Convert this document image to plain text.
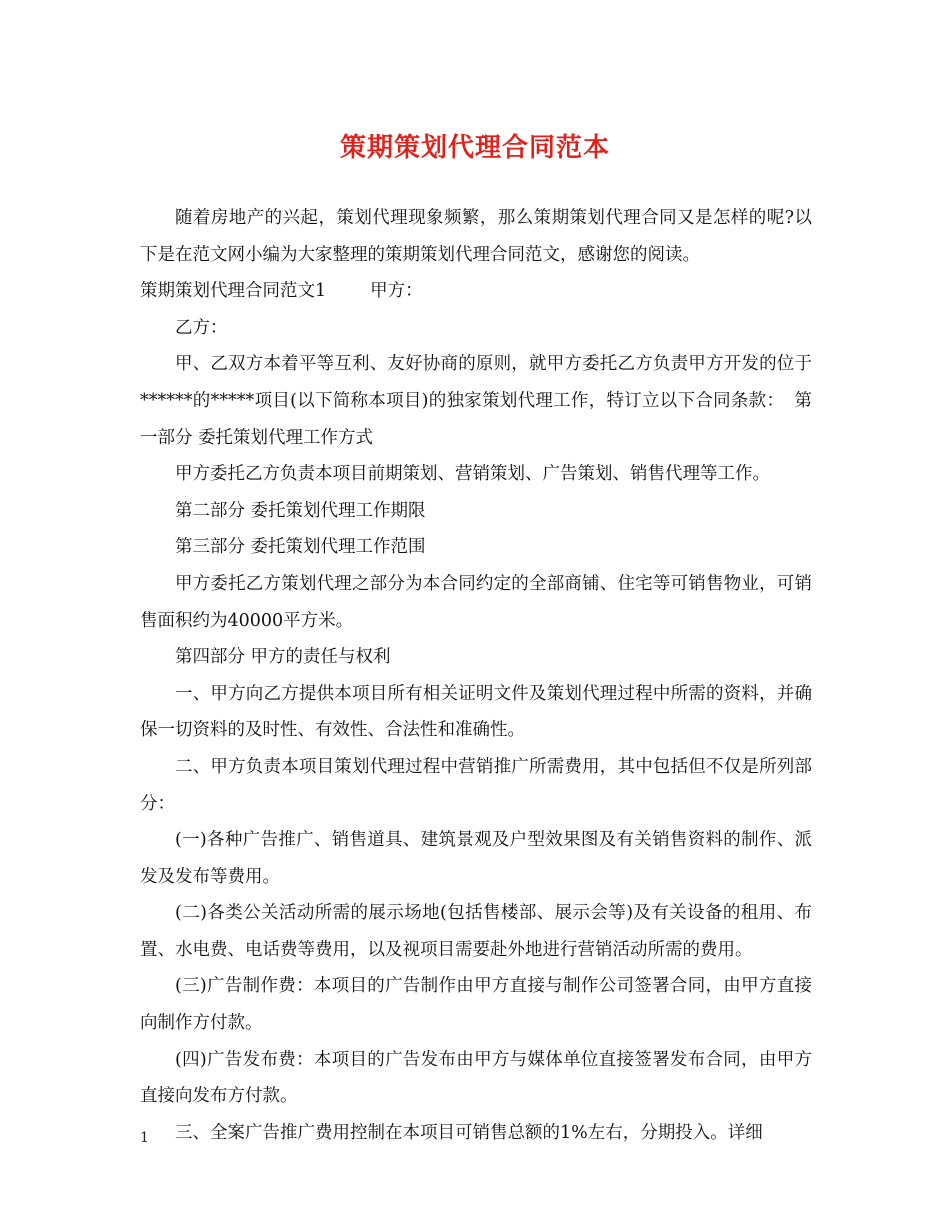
策期策划代理合同范本

随着房地产的兴起，策划代理现象频繁，那么策期策划代理合同又是怎样的呢?以下是在范文网小编为大家整理的策期策划代理合同范文，感谢您的阅读。

策期策划代理合同范文1	甲方：

乙方：

甲、乙双方本着平等互利、友好协商的原则，就甲方委托乙方负责甲方开发的位于******的*****项目(以下简称本项目)的独家策划代理工作，特订立以下合同条款： 第一部分 委托策划代理工作方式

甲方委托乙方负责本项目前期策划、营销策划、广告策划、销售代理等工作。

第二部分 委托策划代理工作期限

第三部分 委托策划代理工作范围

甲方委托乙方策划代理之部分为本合同约定的全部商铺、住宅等可销售物业，可销售面积约为40000平方米。

第四部分 甲方的责任与权利

一、甲方向乙方提供本项目所有相关证明文件及策划代理过程中所需的资料，并确保一切资料的及时性、有效性、合法性和准确性。

二、甲方负责本项目策划代理过程中营销推广所需费用，其中包括但不仅是所列部分：

(一)各种广告推广、销售道具、建筑景观及户型效果图及有关销售资料的制作、派发及发布等费用。

(二)各类公关活动所需的展示场地(包括售楼部、展示会等)及有关设备的租用、布置、水电费、电话费等费用，以及视项目需要赴外地进行营销活动所需的费用。

(三)广告制作费：本项目的广告制作由甲方直接与制作公司签署合同，由甲方直接向制作方付款。

(四)广告发布费：本项目的广告发布由甲方与媒体单位直接签署发布合同，由甲方直接向发布方付款。

三、全案广告推广费用控制在本项目可销售总额的1%左右，分期投入。详细

1
